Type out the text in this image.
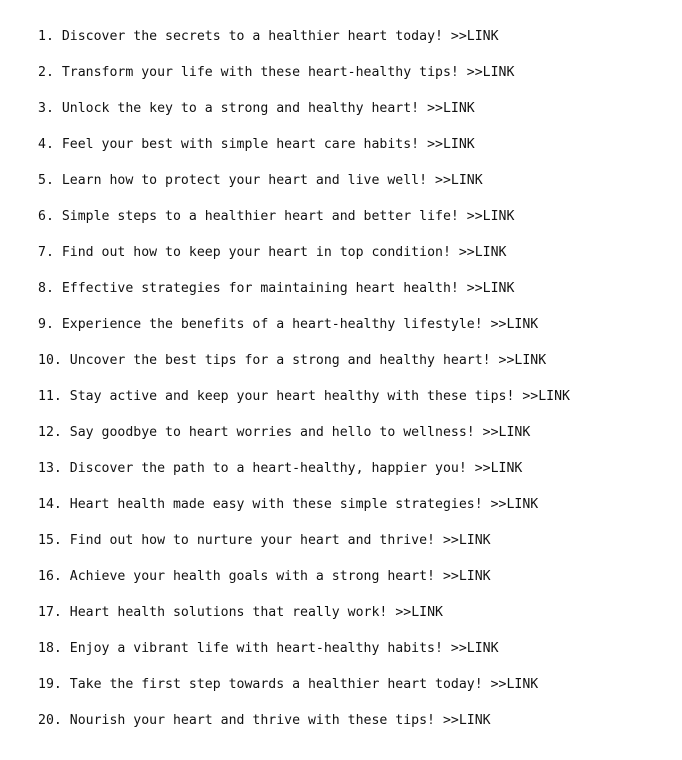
1. Discover the secrets to a healthier heart today! >>LINK
2. Transform your life with these heart-healthy tips! >>LINK
3. Unlock the key to a strong and healthy heart! >>LINK
4. Feel your best with simple heart care habits! >>LINK
5. Learn how to protect your heart and live well! >>LINK
6. Simple steps to a healthier heart and better life! >>LINK
7. Find out how to keep your heart in top condition! >>LINK
8. Effective strategies for maintaining heart health! >>LINK
9. Experience the benefits of a heart-healthy lifestyle! >>LINK
10. Uncover the best tips for a strong and healthy heart! >>LINK
11. Stay active and keep your heart healthy with these tips! >>LINK
12. Say goodbye to heart worries and hello to wellness! >>LINK
13. Discover the path to a heart-healthy, happier you! >>LINK
14. Heart health made easy with these simple strategies! >>LINK
15. Find out how to nurture your heart and thrive! >>LINK
16. Achieve your health goals with a strong heart! >>LINK
17. Heart health solutions that really work! >>LINK
18. Enjoy a vibrant life with heart-healthy habits! >>LINK
19. Take the first step towards a healthier heart today! >>LINK
20. Nourish your heart and thrive with these tips! >>LINK
